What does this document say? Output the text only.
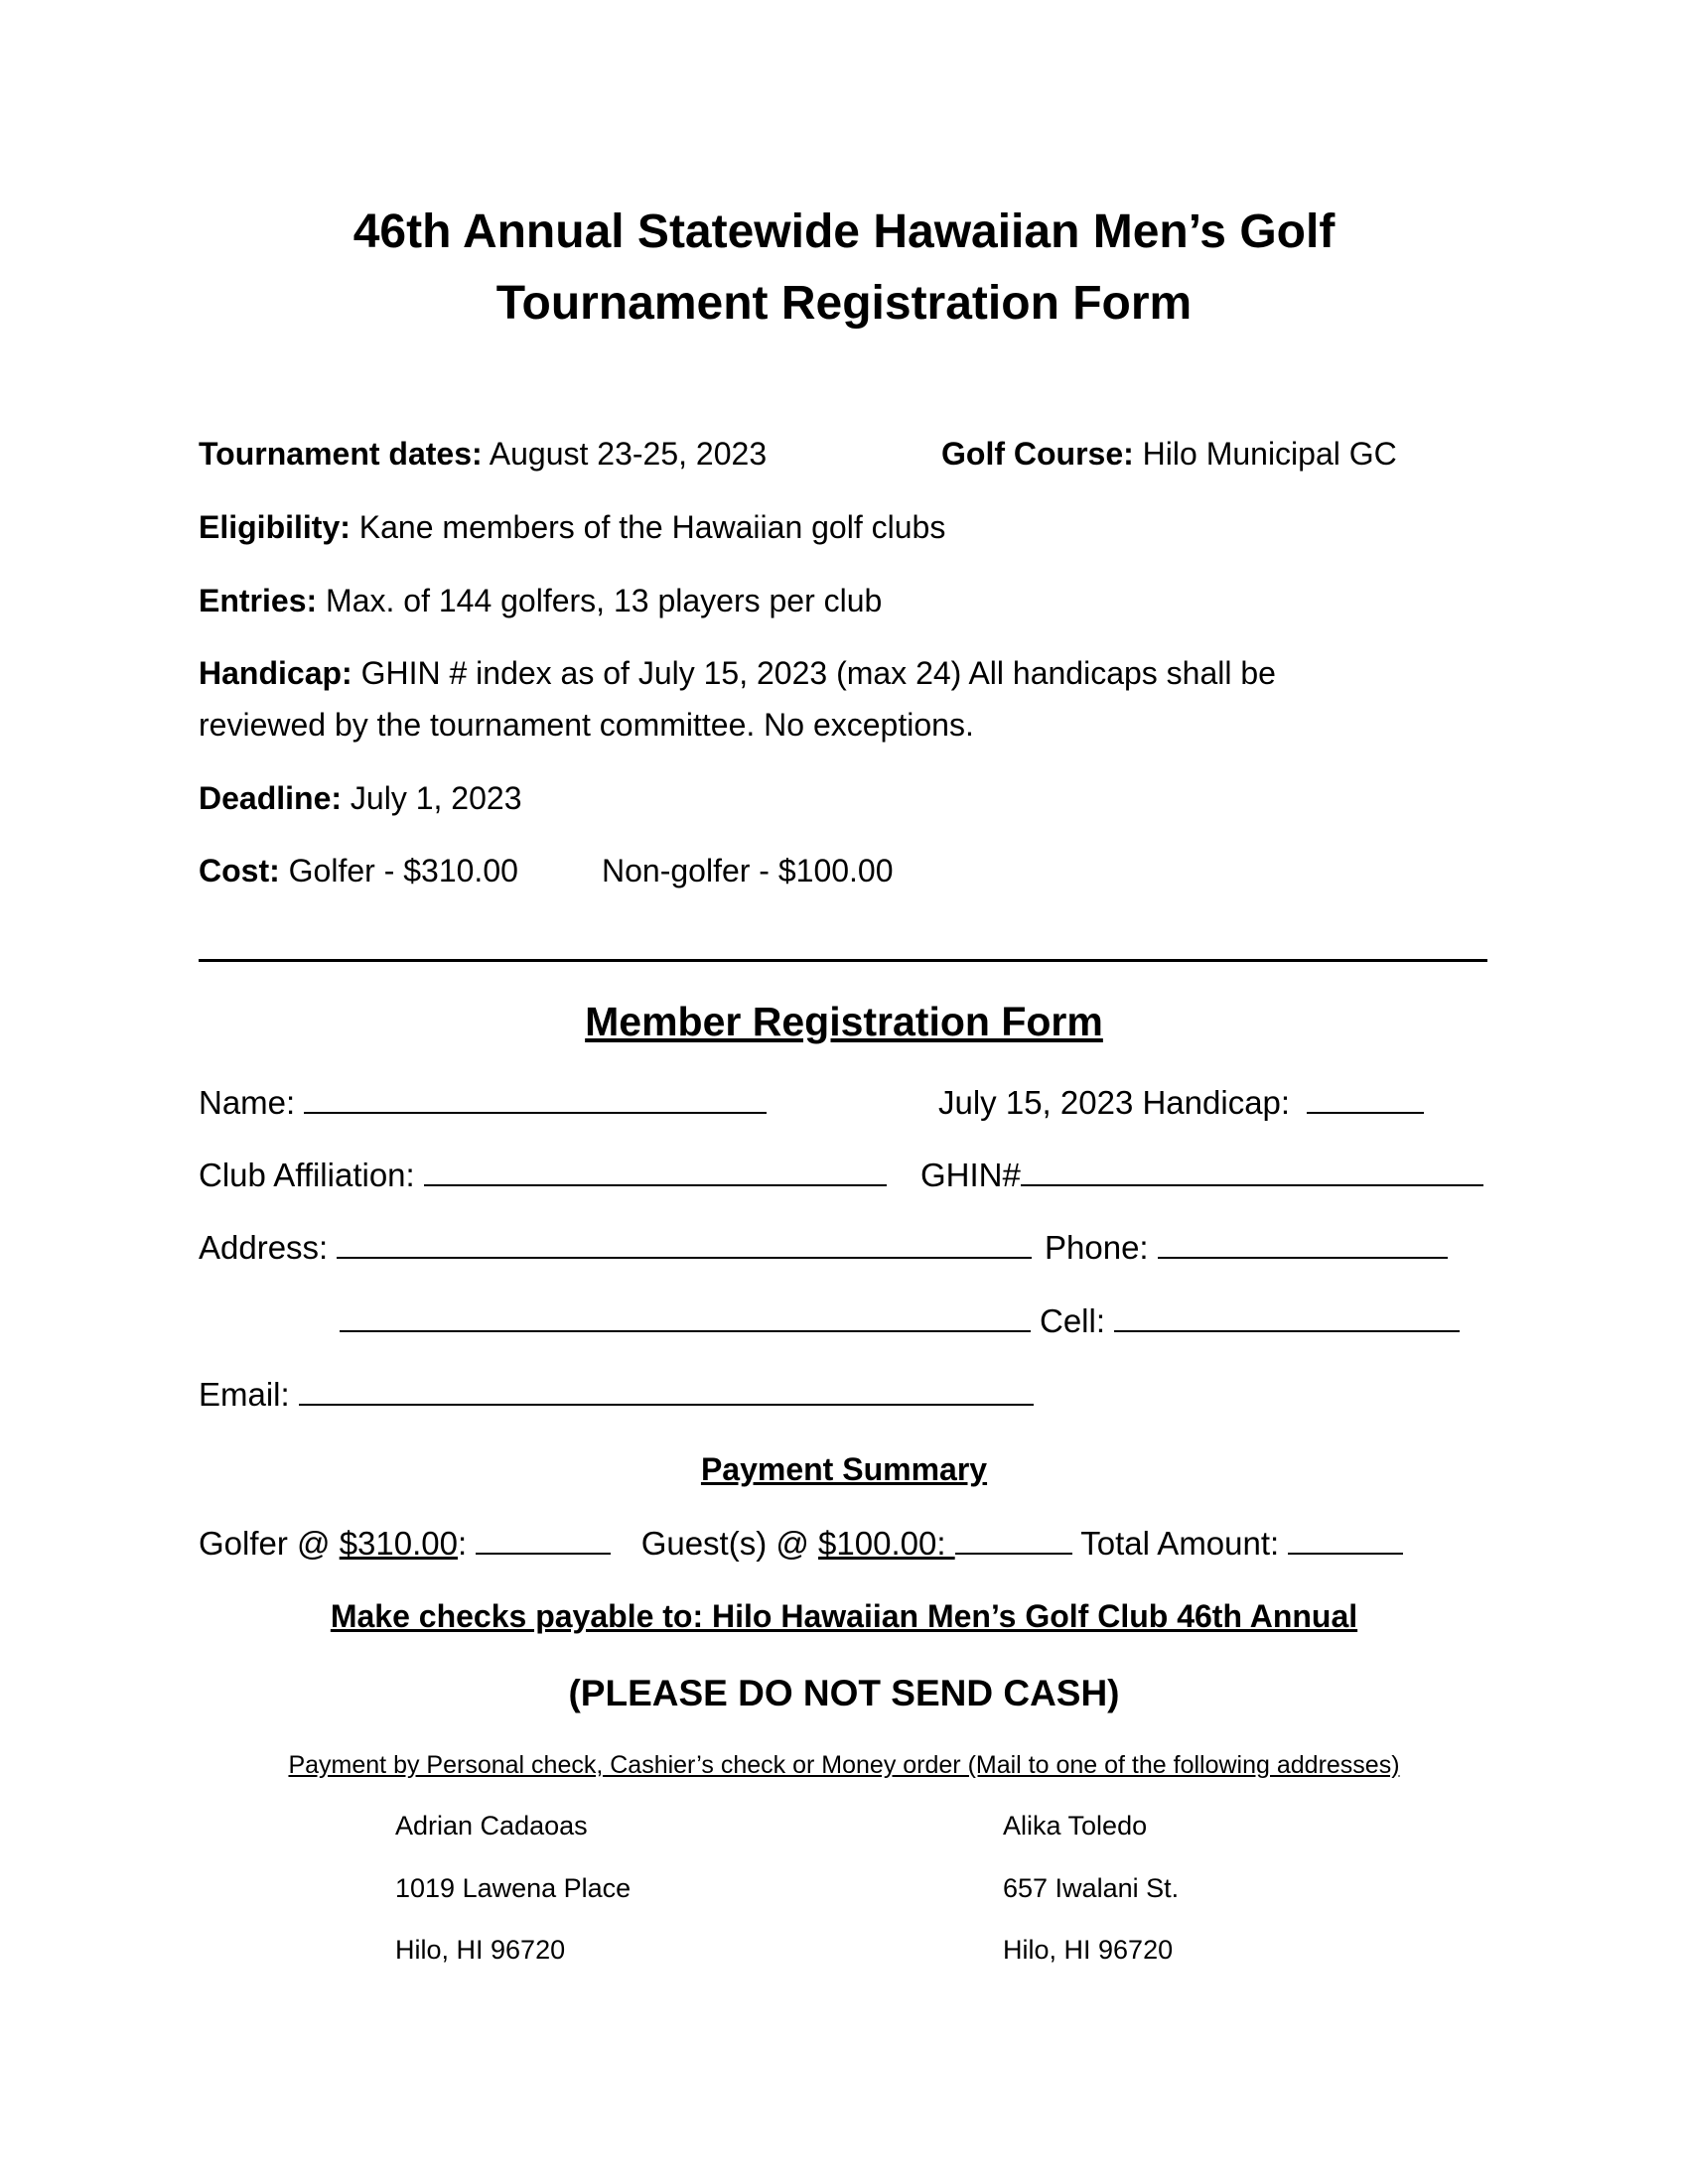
46th Annual Statewide Hawaiian Men’s Golf
Tournament Registration Form
Tournament dates: August 23-25, 2023	Golf Course: Hilo Municipal GC
Eligibility: Kane members of the Hawaiian golf clubs
Entries: Max. of 144 golfers, 13 players per club
Handicap: GHIN # index as of July 15, 2023 (max 24) All handicaps shall be
reviewed by the tournament committee. No exceptions.
Deadline: July 1, 2023
Cost: Golfer - $310.00	Non-golfer - $100.00
Member Registration Form
Name:	July 15, 2023 Handicap:
Club Affiliation:	GHIN#
Address:	Phone:
Cell:
Email:
Payment Summary
Golfer @ $310.00:	Guest(s) @ $100.00:	Total Amount:
Make checks payable to: Hilo Hawaiian Men’s Golf Club 46th Annual
(PLEASE DO NOT SEND CASH)
Payment by Personal check, Cashier’s check or Money order (Mail to one of the following addresses)
Adrian Cadaoas
1019 Lawena Place
Hilo, HI 96720
Alika Toledo
657 Iwalani St.
Hilo, HI 96720
